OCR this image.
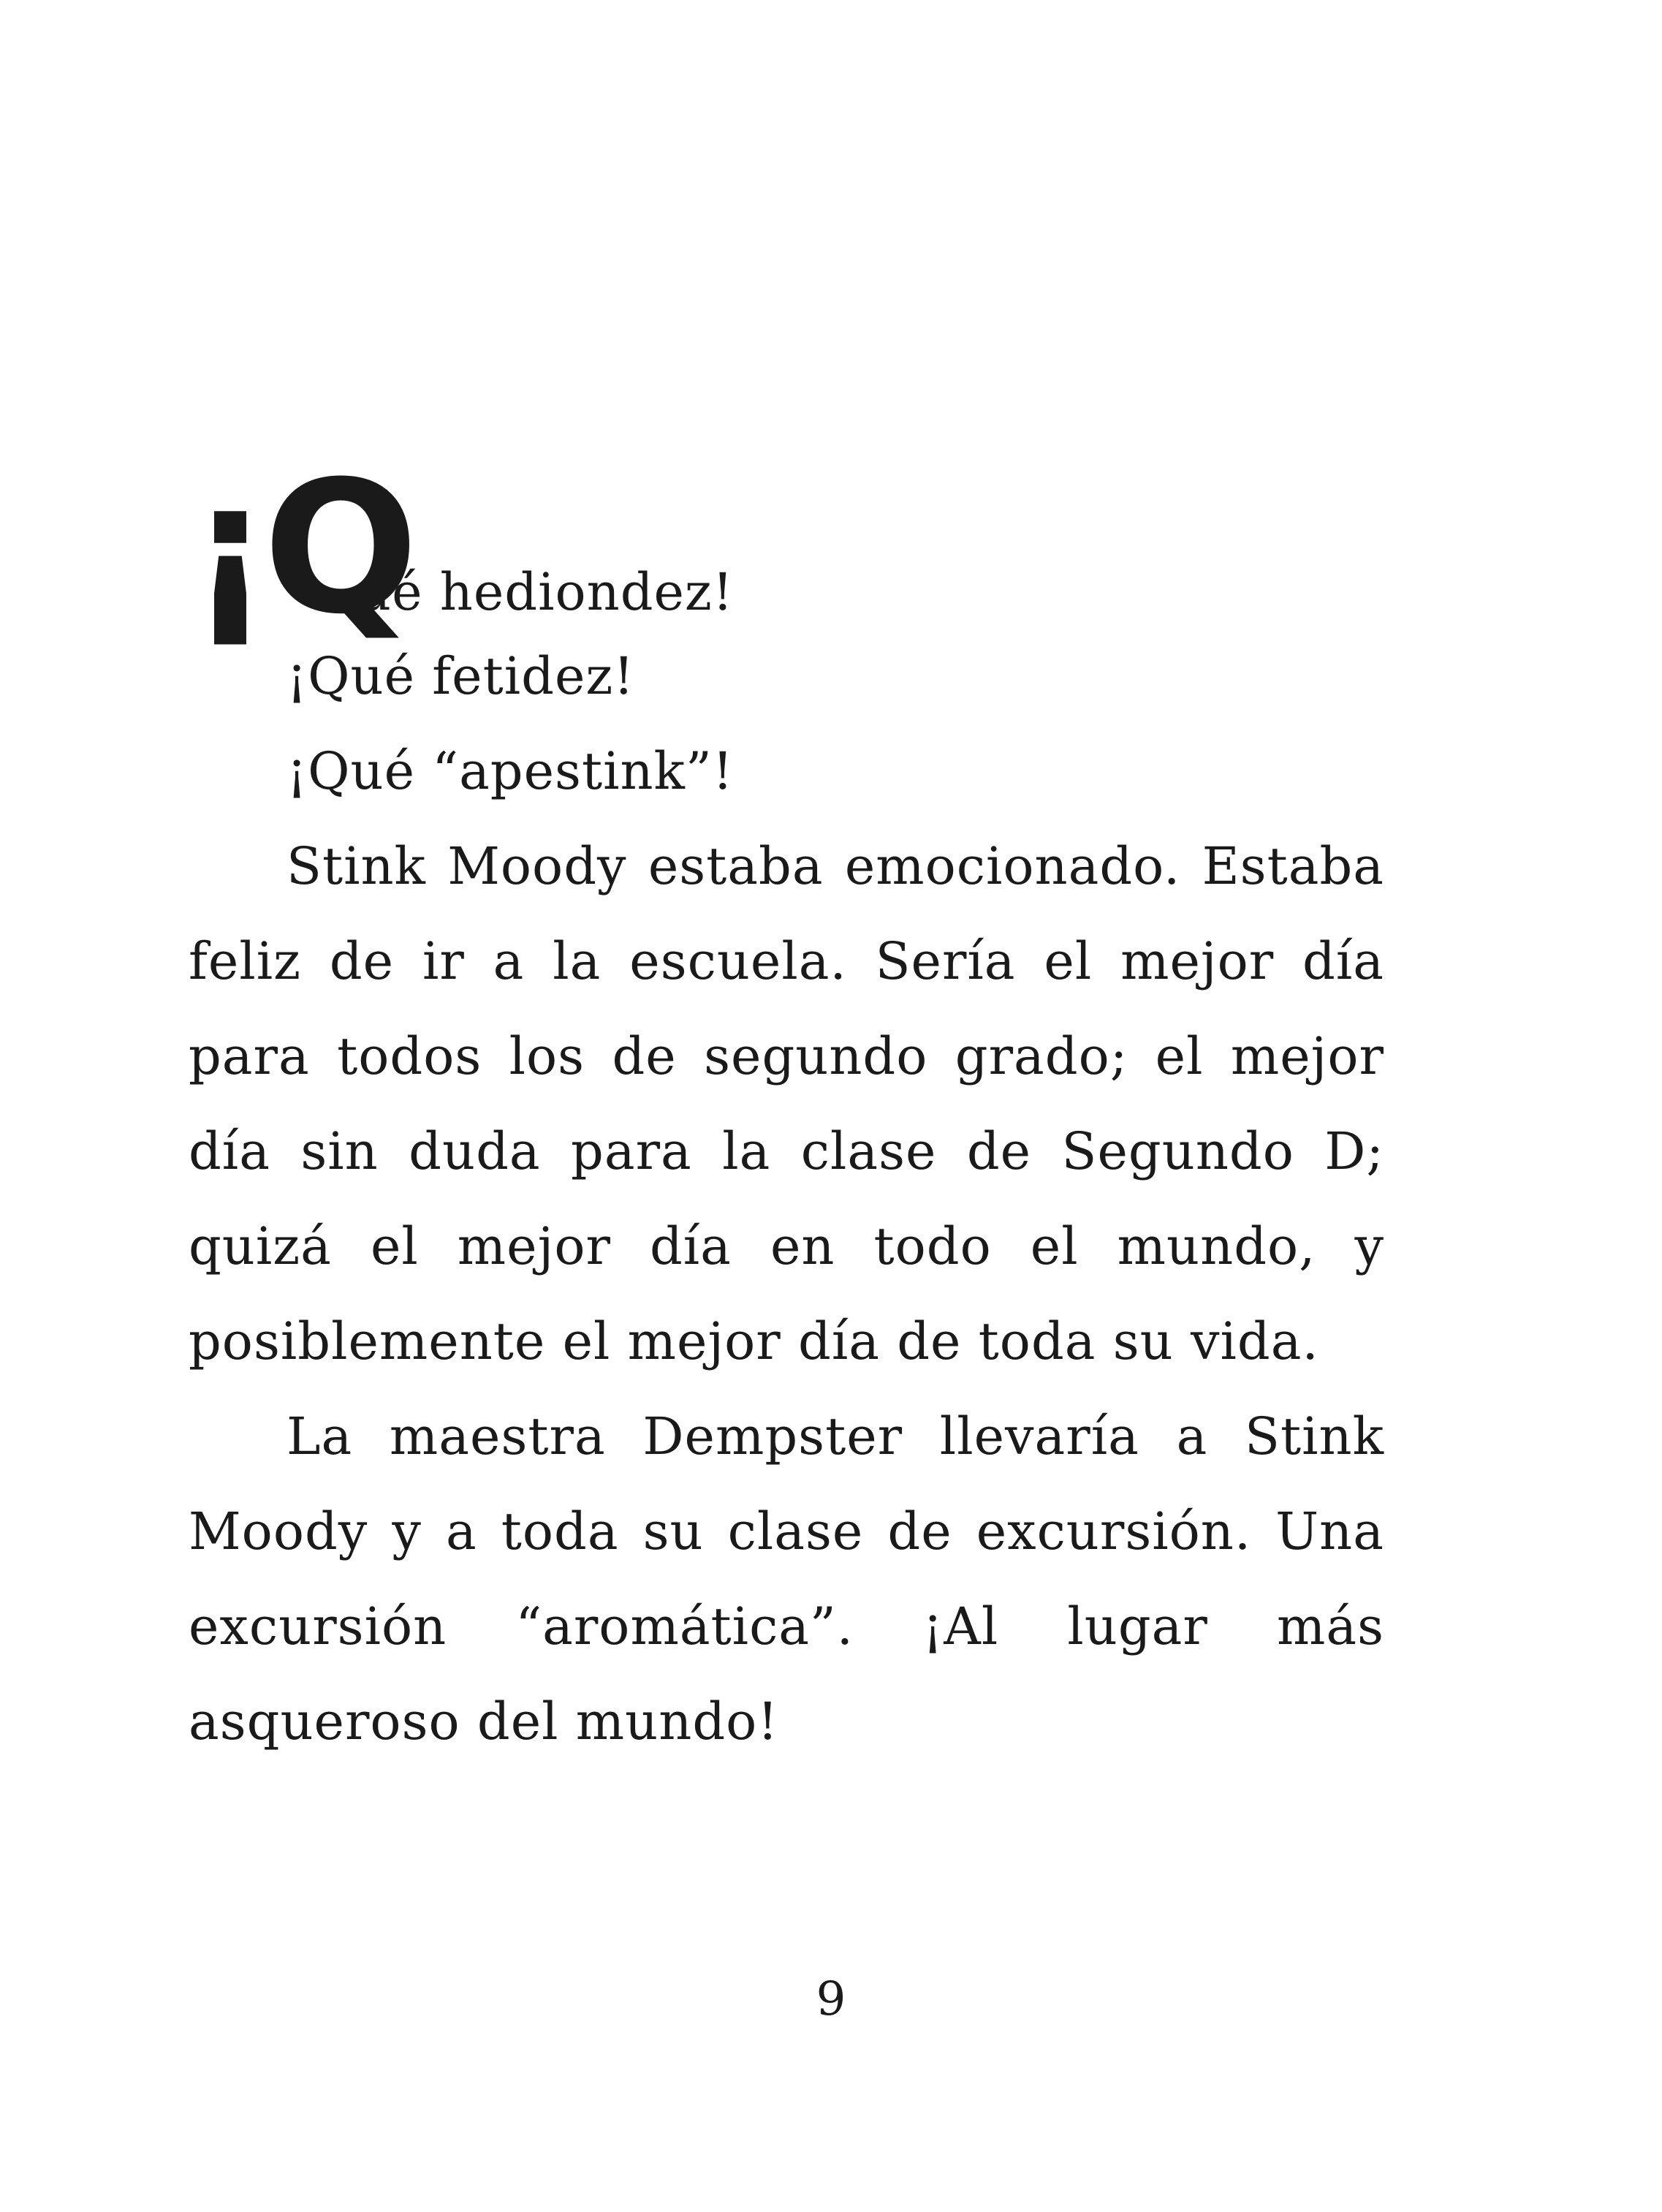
¡Q
ué hediondez!

¡Qué fetidez!

¡Qué “apestink”!

Stink Moody estaba emocionado. Estaba feliz de ir a la escuela. Sería el mejor día para todos los de segundo grado; el mejor día sin duda para la clase de Segundo D; quizá el mejor día en todo el mundo, y posiblemente el mejor día de toda su vida.

La maestra Dempster llevaría a Stink Moody y a toda su clase de excursión. Una excursión “aromática”. ¡Al lugar más asqueroso del mundo!

9
